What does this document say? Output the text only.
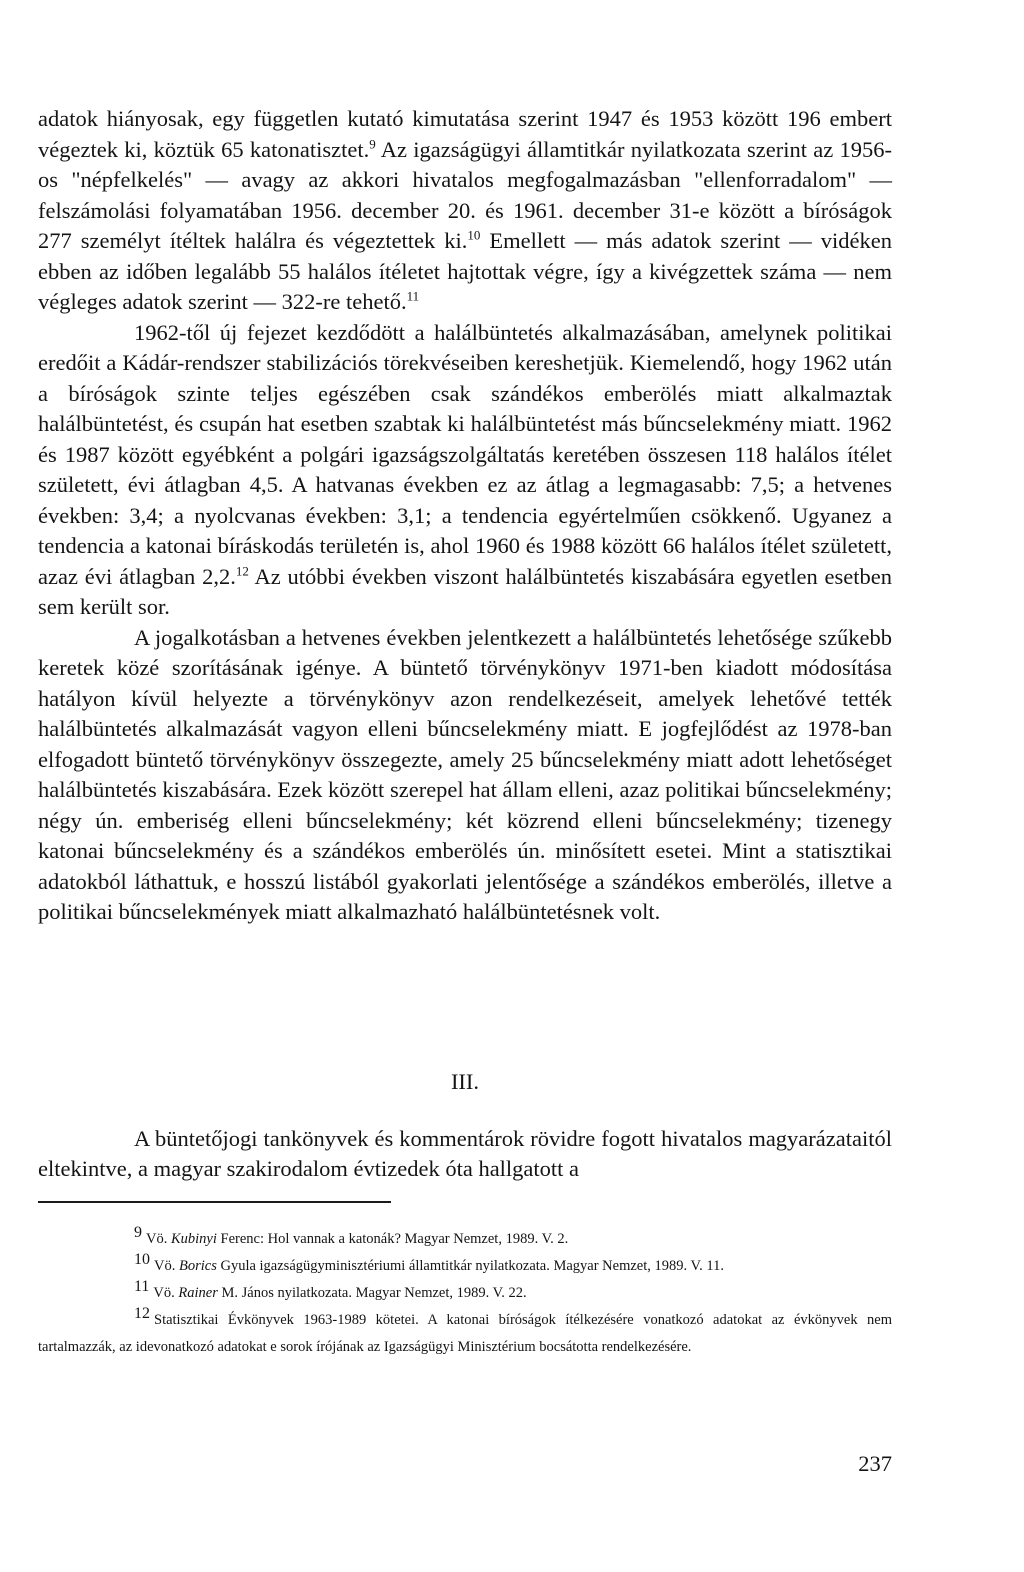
adatok hiányosak, egy független kutató kimutatása szerint 1947 és 1953 között 196 embert végeztek ki, köztük 65 katonatisztet.$^9$ Az igazságügyi államtitkár nyilatkozata szerint az 1956-os "népfelkelés" — avagy az akkori hivatalos megfogalmazásban "ellenforradalom" — felszámolási folyamatában 1956. december 20. és 1961. december 31-e között a bíróságok 277 személyt ítéltek halálra és végeztettek ki.$^{10}$ Emellett — más adatok szerint — vidéken ebben az időben legalább 55 halálos ítéletet hajtottak végre, így a kivégzettek száma — nem végleges adatok szerint — 322-re tehető.$^{11}$

1962-től új fejezet kezdődött a halálbüntetés alkalmazásában, amelynek politikai eredőit a Kádár-rendszer stabilizációs törekvéseiben kereshetjük. Kiemelendő, hogy 1962 után a bíróságok szinte teljes egészében csak szándékos emberölés miatt alkalmaztak halálbüntetést, és csupán hat esetben szabtak ki halálbüntetést más bűncselekmény miatt. 1962 és 1987 között egyébként a polgári igazságszolgáltatás keretében összesen 118 halálos ítélet született, évi átlagban 4,5. A hatvanas években ez az átlag a legmagasabb: 7,5; a hetvenes években: 3,4; a nyolcvanas években: 3,1; a tendencia egyértelműen csökkenő. Ugyanez a tendencia a katonai bíráskodás területén is, ahol 1960 és 1988 között 66 halálos ítélet született, azaz évi átlagban 2,2.12 Az utóbbi években viszont halálbüntetés kiszabására egyetlen esetben sem került sor.

A jogalkotásban a hetvenes években jelentkezett a halálbüntetés lehetősége szűkebb keretek közé szorításának igénye. A büntető törvénykönyv 1971-ben kiadott módosítása hatályon kívül helyezte a törvénykönyv azon rendelkezéseit, amelyek lehetővé tették halálbüntetés alkalmazását vagyon elleni bűncselekmény miatt. E jogfejlődést az 1978-ban elfogadott büntető törvénykönyv összegezte, amely 25 bűncselekmény miatt adott lehetőséget halálbüntetés kiszabására. Ezek között szerepel hat állam elleni, azaz politikai bűncselekmény; négy ún. emberiség elleni bűncselekmény; két közrend elleni bűncselekmény; tizenegy katonai bűncselekmény és a szándékos emberölés ún. minősített esetei. Mint a statisztikai adatokból láthattuk, e hosszú listából gyakorlati jelentősége a szándékos emberölés, illetve a politikai bűncselekmények miatt alkalmazható halálbüntetésnek volt.

III.

A büntetőjogi tankönyvek és kommentárok rövidre fogott hivatalos magyarázataitól eltekintve, a magyar szakirodalom évtizedek óta hallgatott a

$^9$ Vö. Kubinyi Ferenc: Hol vannak a katonák? Magyar Nemzet, 1989. V. 2.

$^{10}$ Vö. Borics Gyula igazságügyminisztériumi államtitkár nyilatkozata. Magyar Nemzet, 1989. V. 11.

$^{11}$ Vö. Rainer M. János nyilatkozata. Magyar Nemzet, 1989. V. 22.

$^{12}$ Statisztikai Évkönyvek 1963-1989 kötetei. A katonai bíróságok ítélkezésére vonatkozó adatokat az évkönyvek nem tartalmazzák, az idevonatkozó adatokat e sorok írójának az Igazságügyi Minisztérium bocsátotta rendelkezésére.

237
